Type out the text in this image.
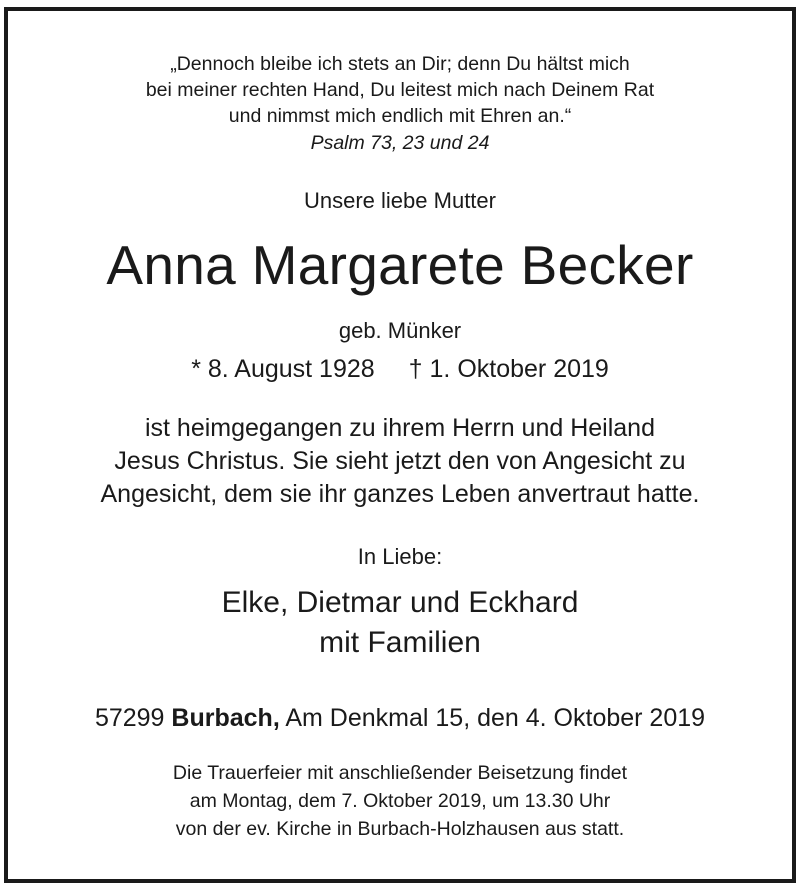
„Dennoch bleibe ich stets an Dir; denn Du hältst mich
bei meiner rechten Hand, Du leitest mich nach Deinem Rat
und nimmst mich endlich mit Ehren an.“
Psalm 73, 23 und 24
Unsere liebe Mutter
Anna Margarete Becker
geb. Münker
* 8. August 1928 † 1. Oktober 2019
ist heimgegangen zu ihrem Herrn und Heiland
Jesus Christus. Sie sieht jetzt den von Angesicht zu
Angesicht, dem sie ihr ganzes Leben anvertraut hatte.
In Liebe:
Elke, Dietmar und Eckhard
mit Familien
57299 Burbach, Am Denkmal 15, den 4. Oktober 2019
Die Trauerfeier mit anschließender Beisetzung findet
am Montag, dem 7. Oktober 2019, um 13.30 Uhr
von der ev. Kirche in Burbach-Holzhausen aus statt.
